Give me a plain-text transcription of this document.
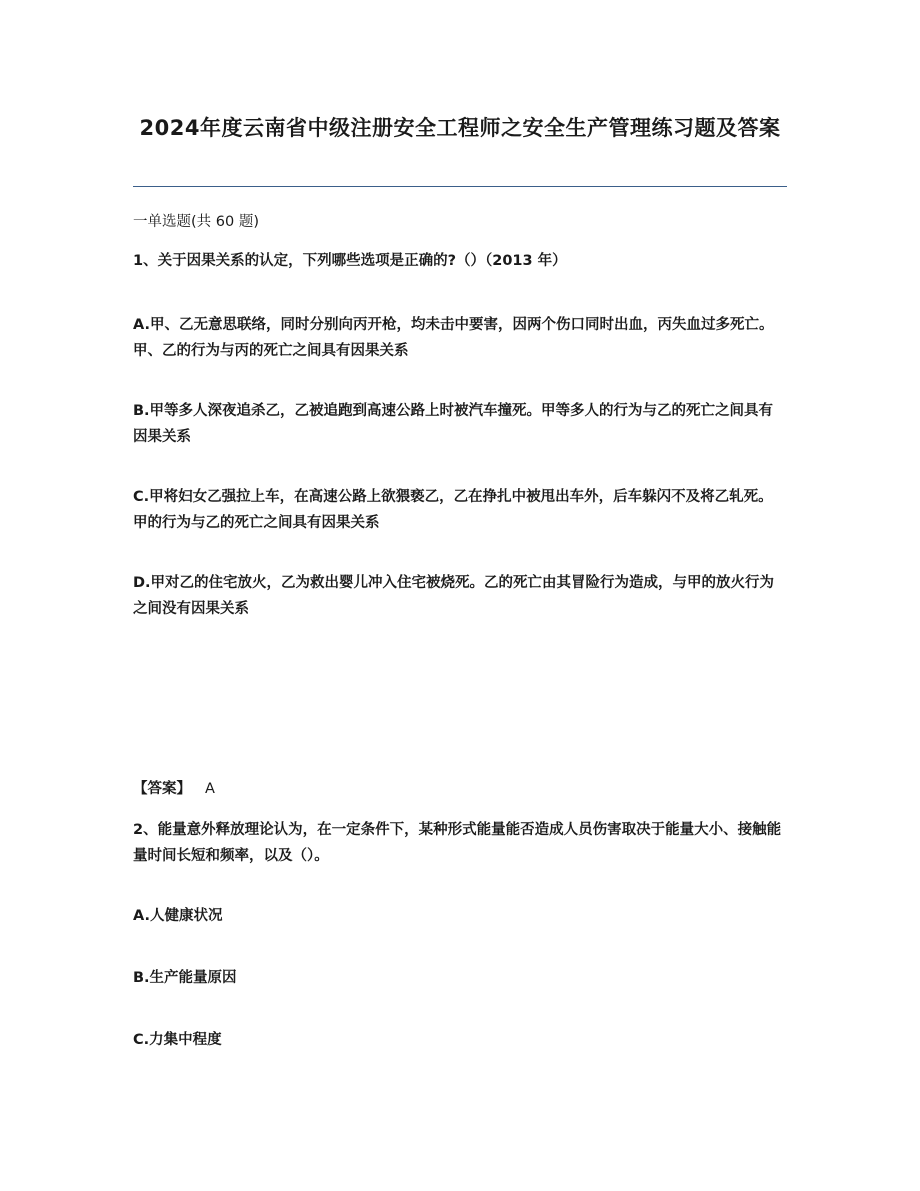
2024年度云南省中级注册安全工程师之安全生产管理练习题及答案
一单选题(共 60 题)
1、关于因果关系的认定，下列哪些选项是正确的?（）（2013 年）
A.甲、乙无意思联络，同时分别向丙开枪，均未击中要害，因两个伤口同时出血，丙失血过多死亡。甲、乙的行为与丙的死亡之间具有因果关系
B.甲等多人深夜追杀乙，乙被追跑到高速公路上时被汽车撞死。甲等多人的行为与乙的死亡之间具有因果关系
C.甲将妇女乙强拉上车，在高速公路上欲猥亵乙，乙在挣扎中被甩出车外，后车躲闪不及将乙轧死。甲的行为与乙的死亡之间具有因果关系
D.甲对乙的住宅放火，乙为救出婴儿冲入住宅被烧死。乙的死亡由其冒险行为造成，与甲的放火行为之间没有因果关系
【答案】 A
2、能量意外释放理论认为，在一定条件下，某种形式能量能否造成人员伤害取决于能量大小、接触能量时间长短和频率，以及（）。
A.人健康状况
B.生产能量原因
C.力集中程度
